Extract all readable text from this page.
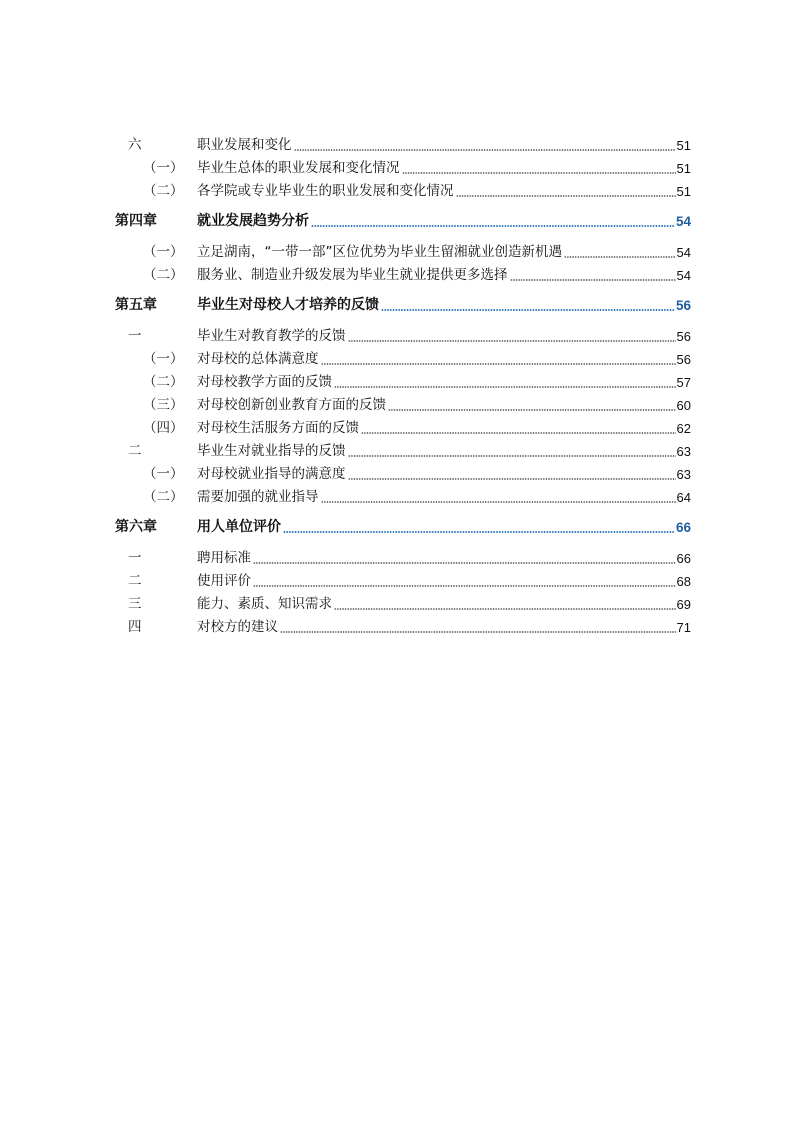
六	职业发展和变化	51
（一） 毕业生总体的职业发展和变化情况	51
（二） 各学院或专业毕业生的职业发展和变化情况	51
第四章	就业发展趋势分析	54
（一） 立足湖南，“一带一部”区位优势为毕业生留湘就业创造新机遇	54
（二） 服务业、制造业升级发展为毕业生就业提供更多选择	54
第五章	毕业生对母校人才培养的反馈	56
一	毕业生对教育教学的反馈	56
（一） 对母校的总体满意度	56
（二） 对母校教学方面的反馈	57
（三） 对母校创新创业教育方面的反馈	60
（四） 对母校生活服务方面的反馈	62
二	毕业生对就业指导的反馈	63
（一） 对母校就业指导的满意度	63
（二） 需要加强的就业指导	64
第六章	用人单位评价	66
一	聘用标准	66
二	使用评价	68
三	能力、素质、知识需求	69
四	对校方的建议	71
